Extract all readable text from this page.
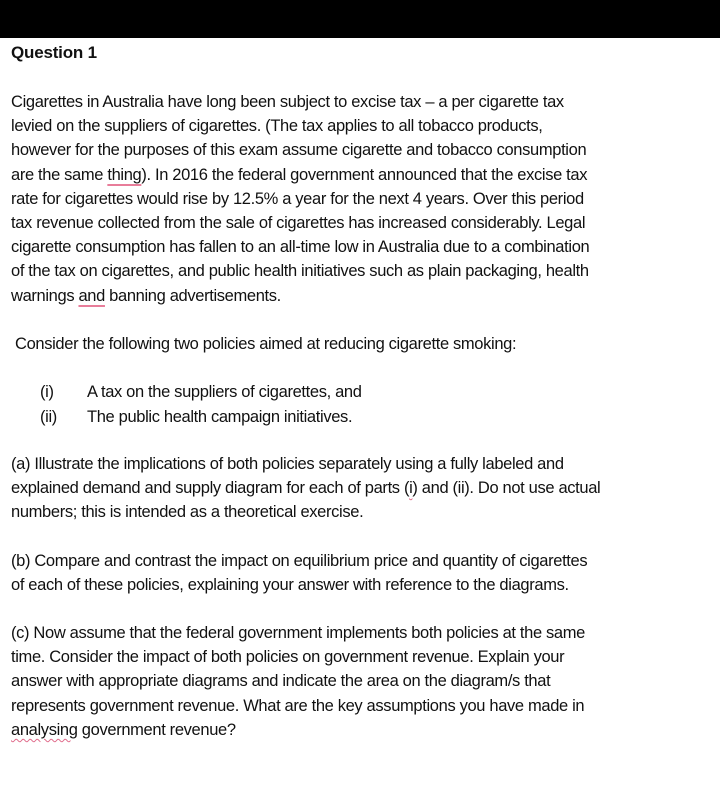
Question 1
Cigarettes in Australia have long been subject to excise tax – a per cigarette tax
levied on the suppliers of cigarettes. (The tax applies to all tobacco products,
however for the purposes of this exam assume cigarette and tobacco consumption
are the same thing). In 2016 the federal government announced that the excise tax
rate for cigarettes would rise by 12.5% a year for the next 4 years. Over this period
tax revenue collected from the sale of cigarettes has increased considerably. Legal
cigarette consumption has fallen to an all-time low in Australia due to a combination
of the tax on cigarettes, and public health initiatives such as plain packaging, health
warnings and banning advertisements.
Consider the following two policies aimed at reducing cigarette smoking:
(i)	A tax on the suppliers of cigarettes, and
(ii)	The public health campaign initiatives.
(a) Illustrate the implications of both policies separately using a fully labeled and
explained demand and supply diagram for each of parts (i) and (ii). Do not use actual
numbers; this is intended as a theoretical exercise.
(b) Compare and contrast the impact on equilibrium price and quantity of cigarettes
of each of these policies, explaining your answer with reference to the diagrams.
(c) Now assume that the federal government implements both policies at the same
time. Consider the impact of both policies on government revenue. Explain your
answer with appropriate diagrams and indicate the area on the diagram/s that
represents government revenue. What are the key assumptions you have made in
analysing government revenue?
